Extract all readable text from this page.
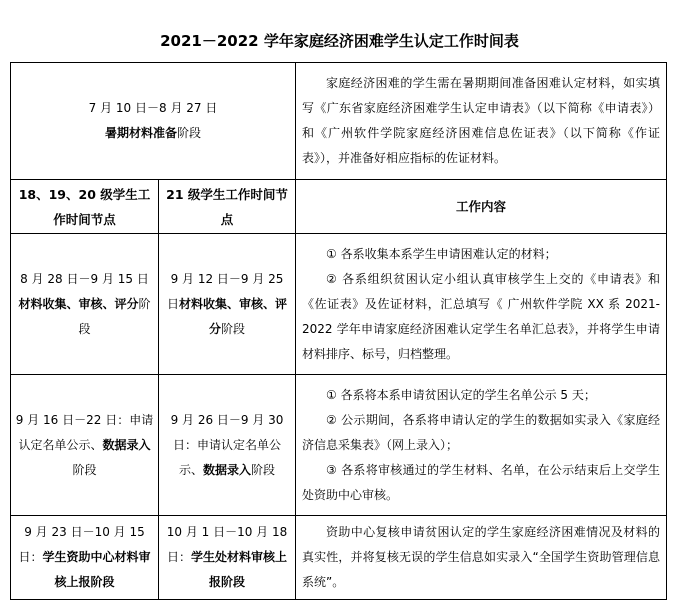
2021－2022 学年家庭经济困难学生认定工作时间表

7 月 10 日－8 月 27 日

暑期材料准备阶段		家庭经济困难的学生需在暑期期间准备困难认定材料，如实填写《广东省家庭经济困难学生认定申请表》（以下简称《申请表》）和《广州软件学院家庭经济困难信息佐证表》（以下简称《作证表》），并准备好相应指标的佐证材料。
18、19、20 级学生工作时间节点	21 级学生工作时间节点	工作内容
8 月 28 日－9 月 15 日材料收集、审核、评分阶段	9 月 12 日－9 月 25 日材料收集、审核、评分阶段	① 各系收集本系学生申请困难认定的材料；

② 各系组织贫困认定小组认真审核学生上交的《申请表》和《佐证表》及佐证材料，汇总填写《 广州软件学院 XX 系 2021-2022 学年申请家庭经济困难认定学生名单汇总表》，并将学生申请材料排序、标号，归档整理。

9 月 16 日－22 日：申请认定名单公示、数据录入阶段	9 月 26 日－9 月 30 日：申请认定名单公示、数据录入阶段	① 各系将本系申请贫困认定的学生名单公示 5 天；

② 公示期间，各系将申请认定的学生的数据如实录入《家庭经济信息采集表》（网上录入）；

③ 各系将审核通过的学生材料、名单，在公示结束后上交学生处资助中心审核。

9 月 23 日－10 月 15 日：学生资助中心材料审核上报阶段	10 月 1 日－10 月 18 日：学生处材料审核上报阶段	资助中心复核申请贫困认定的学生家庭经济困难情况及材料的真实性，并将复核无误的学生信息如实录入“全国学生资助管理信息系统”。
